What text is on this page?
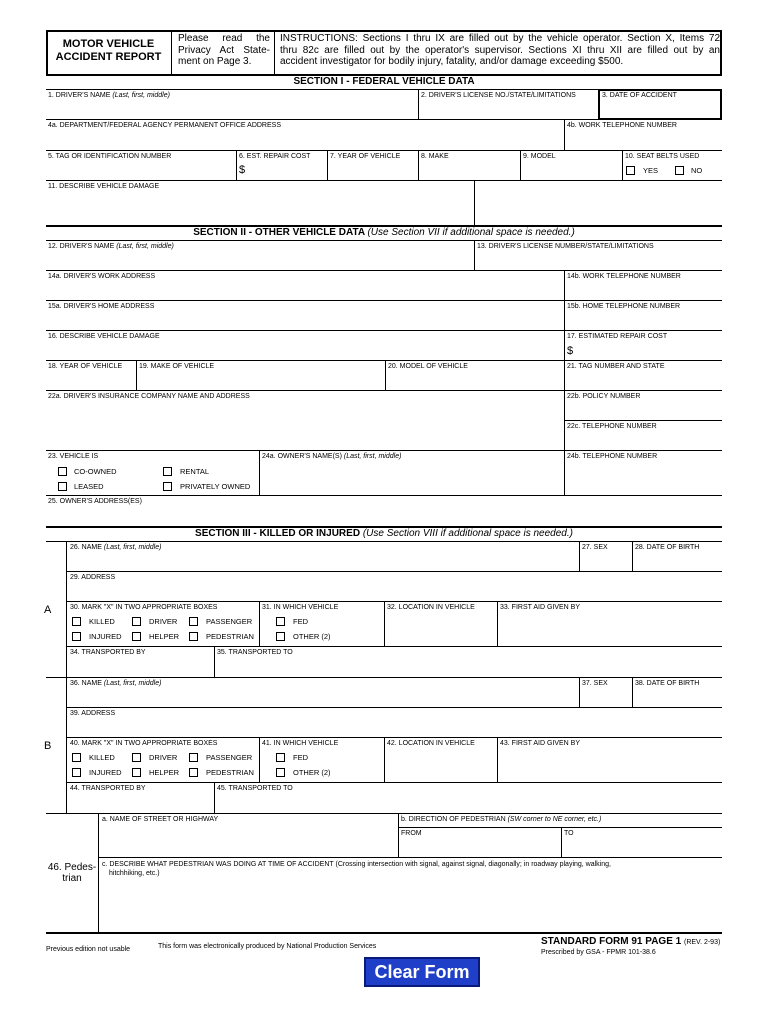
MOTOR VEHICLE
ACCIDENT REPORT
Please read the
Privacy Act State-
ment on Page 3.
INSTRUCTIONS: Sections I thru IX are filled out by the vehicle operator. Section X, Items 72
thru 82c are filled out by the operator's supervisor. Sections XI thru XII are filled out by an
accident investigator for bodily injury, fatality, and/or damage exceeding $500.
SECTION I - FEDERAL VEHICLE DATA
1. DRIVER'S NAME (Last, first, middle)	2. DRIVER'S LICENSE NO./STATE/LIMITATIONS	3. DATE OF ACCIDENT
4a. DEPARTMENT/FEDERAL AGENCY PERMANENT OFFICE ADDRESS	4b. WORK TELEPHONE NUMBER
5. TAG OR IDENTIFICATION NUMBER	6. EST. REPAIR COST
$
7. YEAR OF VEHICLE	8. MAKE	9. MODEL	10. SEAT BELTS USED
YES	NO
11. DESCRIBE VEHICLE DAMAGE
SECTION II - OTHER VEHICLE DATA (Use Section VII if additional space is needed.)
12. DRIVER'S NAME (Last, first, middle)	13. DRIVER'S LICENSE NUMBER/STATE/LIMITATIONS
14a. DRIVER'S WORK ADDRESS	14b. WORK TELEPHONE NUMBER
15a. DRIVER'S HOME ADDRESS	15b. HOME TELEPHONE NUMBER
16. DESCRIBE VEHICLE DAMAGE	17. ESTIMATED REPAIR COST
$
18. YEAR OF VEHICLE 19. MAKE OF VEHICLE	20. MODEL OF VEHICLE	21. TAG NUMBER AND STATE
22a. DRIVER'S INSURANCE COMPANY NAME AND ADDRESS	22b. POLICY NUMBER
22c. TELEPHONE NUMBER
23. VEHICLE IS
CO-OWNED	RENTAL
LEASED	PRIVATELY OWNED
24a. OWNER'S NAME(S) (Last, first, middle)	24b. TELEPHONE NUMBER
25. OWNER'S ADDRESS(ES)
SECTION III - KILLED OR INJURED (Use Section VIII if additional space is needed.)
A
26. NAME (Last, first, middle)	27. SEX	28. DATE OF BIRTH
29. ADDRESS
30. MARK "X" IN TWO APPROPRIATE BOXES
KILLED	DRIVER	PASSENGER
INJURED	HELPER	PEDESTRIAN
31. IN WHICH VEHICLE
FED
OTHER (2)
32. LOCATION IN VEHICLE	33. FIRST AID GIVEN BY
34. TRANSPORTED BY	35. TRANSPORTED TO
B
36. NAME (Last, first, middle)	37. SEX	38. DATE OF BIRTH
39. ADDRESS
40. MARK "X" IN TWO APPROPRIATE BOXES
KILLED	DRIVER	PASSENGER
INJURED	HELPER	PEDESTRIAN
41. IN WHICH VEHICLE
FED
OTHER (2)
42. LOCATION IN VEHICLE	43. FIRST AID GIVEN BY
44. TRANSPORTED BY	45. TRANSPORTED TO
46. Pedes-
trian
a. NAME OF STREET OR HIGHWAY	b. DIRECTION OF PEDESTRIAN (SW corner to NE corner, etc.)
FROM	TO
c. DESCRIBE WHAT PEDESTRIAN WAS DOING AT TIME OF ACCIDENT (Crossing intersection with signal, against signal, diagonally; in roadway playing, walking,
hitchhiking, etc.)
Previous edition not usable	This form was electronically produced by National Production Services	STANDARD FORM 91 PAGE 1 (REV. 2-93)
Prescribed by GSA - FPMR 101-38.6
Clear Form
